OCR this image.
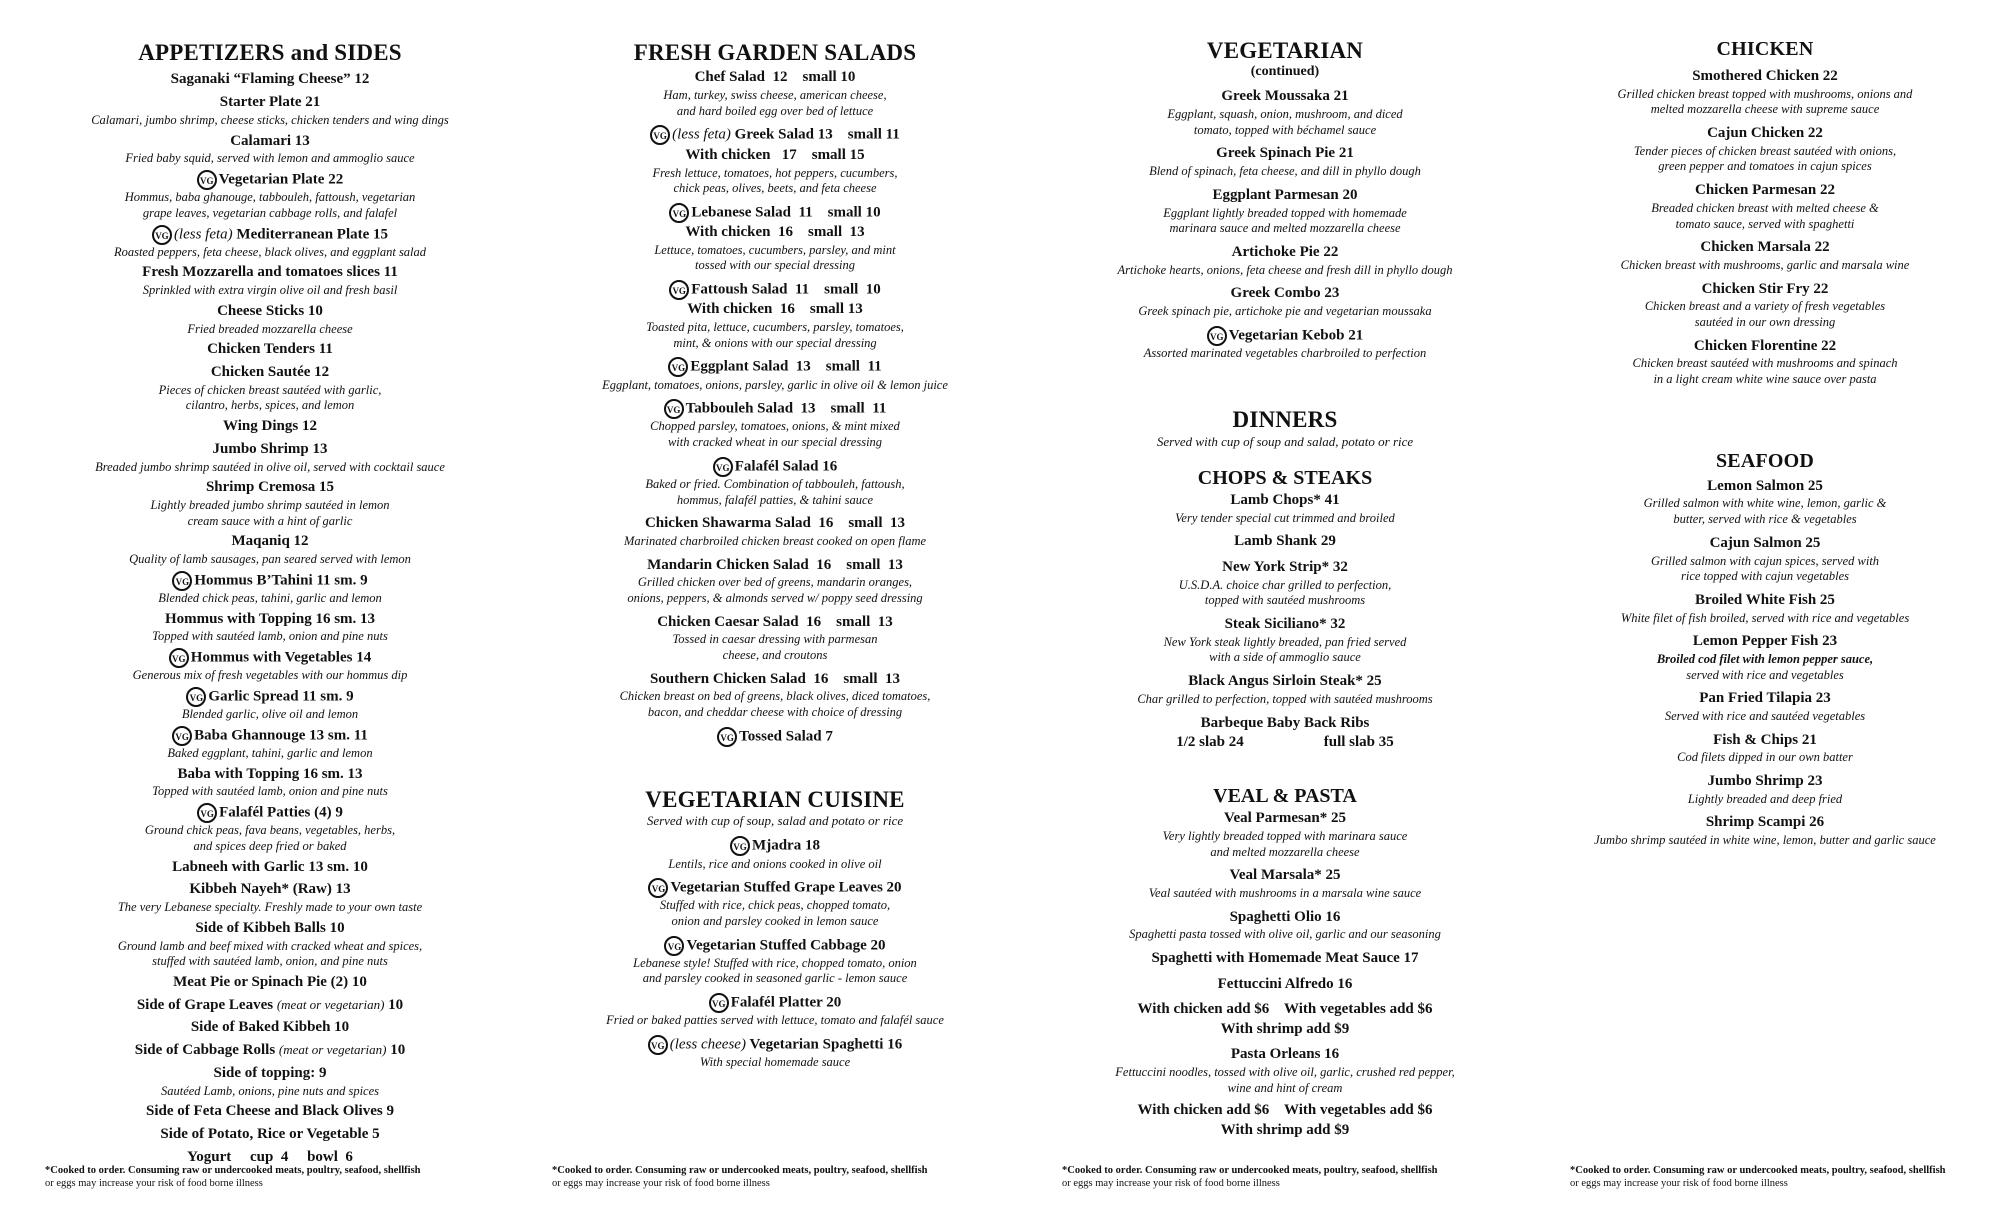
APPETIZERS and SIDES
Saganaki “Flaming Cheese” 12
Starter Plate 21
Calamari, jumbo shrimp, cheese sticks, chicken tenders and wing dings
Calamari 13
Fried baby squid, served with lemon and ammoglio sauce
VG Vegetarian Plate 22
Hommus, baba ghanouge, tabbouleh, fattoush, vegetarian
grape leaves, vegetarian cabbage rolls, and falafel
VG (less feta) Mediterranean Plate 15
Roasted peppers, feta cheese, black olives, and eggplant salad
Fresh Mozzarella and tomatoes slices 11
Sprinkled with extra virgin olive oil and fresh basil
Cheese Sticks 10
Fried breaded mozzarella cheese
Chicken Tenders 11
Chicken Sautée 12
Pieces of chicken breast sautéed with garlic,
cilantro, herbs, spices, and lemon
Wing Dings 12
Jumbo Shrimp 13
Breaded jumbo shrimp sautéed in olive oil, served with cocktail sauce
Shrimp Cremosa 15
Lightly breaded jumbo shrimp sautéed in lemon
cream sauce with a hint of garlic
Maqaniq 12
Quality of lamb sausages, pan seared served with lemon
VG Hommus B’Tahini 11 sm. 9
Blended chick peas, tahini, garlic and lemon
Hommus with Topping 16 sm. 13
Topped with sautéed lamb, onion and pine nuts
VG Hommus with Vegetables 14
Generous mix of fresh vegetables with our hommus dip
VG Garlic Spread 11 sm. 9
Blended garlic, olive oil and lemon
VG Baba Ghannouge 13 sm. 11
Baked eggplant, tahini, garlic and lemon
Baba with Topping 16 sm. 13
Topped with sautéed lamb, onion and pine nuts
VG Falafél Patties (4) 9
Ground chick peas, fava beans, vegetables, herbs,
and spices deep fried or baked
Labneeh with Garlic 13 sm. 10
Kibbeh Nayeh* (Raw) 13
The very Lebanese specialty. Freshly made to your own taste
Side of Kibbeh Balls 10
Ground lamb and beef mixed with cracked wheat and spices,
stuffed with sautéed lamb, onion, and pine nuts
Meat Pie or Spinach Pie (2) 10
Side of Grape Leaves (meat or vegetarian) 10
Side of Baked Kibbeh 10
Side of Cabbage Rolls (meat or vegetarian) 10
Side of topping: 9
Sautéed Lamb, onions, pine nuts and spices
Side of Feta Cheese and Black Olives 9
Side of Potato, Rice or Vegetable 5
Yogurt     cup  4     bowl  6
FRESH GARDEN SALADS
Chef Salad  12    small 10
Ham, turkey, swiss cheese, american cheese,
and hard boiled egg over bed of lettuce
VG (less feta) Greek Salad 13    small 11
With chicken   17    small 15
Fresh lettuce, tomatoes, hot peppers, cucumbers,
chick peas, olives, beets, and feta cheese
VG Lebanese Salad  11    small 10
With chicken  16    small  13
Lettuce, tomatoes, cucumbers, parsley, and mint
tossed with our special dressing
VG Fattoush Salad  11    small  10
With chicken  16    small 13
Toasted pita, lettuce, cucumbers, parsley, tomatoes,
mint, & onions with our special dressing
VG Eggplant Salad  13    small  11
Eggplant, tomatoes, onions, parsley, garlic in olive oil & lemon juice
VG Tabbouleh Salad  13    small  11
Chopped parsley, tomatoes, onions, & mint mixed
with cracked wheat in our special dressing
VG Falafél Salad 16
Baked or fried. Combination of tabbouleh, fattoush,
hommus, falafél patties, & tahini sauce
Chicken Shawarma Salad  16    small  13
Marinated charbroiled chicken breast cooked on open flame
Mandarin Chicken Salad  16    small  13
Grilled chicken over bed of greens, mandarin oranges,
onions, peppers, & almonds served w/ poppy seed dressing
Chicken Caesar Salad  16    small  13
Tossed in caesar dressing with parmesan
cheese, and croutons
Southern Chicken Salad  16    small  13
Chicken breast on bed of greens, black olives, diced tomatoes,
bacon, and cheddar cheese with choice of dressing
VG Tossed Salad 7
VEGETARIAN CUISINE
Served with cup of soup, salad and potato or rice
VG Mjadra 18
Lentils, rice and onions cooked in olive oil
VG Vegetarian Stuffed Grape Leaves 20
Stuffed with rice, chick peas, chopped tomato,
onion and parsley cooked in lemon sauce
VG Vegetarian Stuffed Cabbage 20
Lebanese style! Stuffed with rice, chopped tomato, onion
and parsley cooked in seasoned garlic - lemon sauce
VG Falafél Platter 20
Fried or baked patties served with lettuce, tomato and falafél sauce
VG (less cheese) Vegetarian Spaghetti 16
With special homemade sauce
VEGETARIAN
(continued)
Greek Moussaka 21
Eggplant, squash, onion, mushroom, and diced
tomato, topped with béchamel sauce
Greek Spinach Pie 21
Blend of spinach, feta cheese, and dill in phyllo dough
Eggplant Parmesan 20
Eggplant lightly breaded topped with homemade
marinara sauce and melted mozzarella cheese
Artichoke Pie 22
Artichoke hearts, onions, feta cheese and fresh dill in phyllo dough
Greek Combo 23
Greek spinach pie, artichoke pie and vegetarian moussaka
VG Vegetarian Kebob 21
Assorted marinated vegetables charbroiled to perfection
DINNERS
Served with cup of soup and salad, potato or rice
CHOPS & STEAKS
Lamb Chops* 41
Very tender special cut trimmed and broiled
Lamb Shank 29
New York Strip* 32
U.S.D.A. choice char grilled to perfection,
topped with sautéed mushrooms
Steak Siciliano* 32
New York steak lightly breaded, pan fried served
with a side of ammoglio sauce
Black Angus Sirloin Steak* 25
Char grilled to perfection, topped with sautéed mushrooms
Barbeque Baby Back Ribs
1/2 slab 24	full slab 35
VEAL & PASTA
Veal Parmesan* 25
Very lightly breaded topped with marinara sauce
and melted mozzarella cheese
Veal Marsala* 25
Veal sautéed with mushrooms in a marsala wine sauce
Spaghetti Olio 16
Spaghetti pasta tossed with olive oil, garlic and our seasoning
Spaghetti with Homemade Meat Sauce 17
Fettuccini Alfredo 16
With chicken add $6    With vegetables add $6
With shrimp add $9
Pasta Orleans 16
Fettuccini noodles, tossed with olive oil, garlic, crushed red pepper,
wine and hint of cream
With chicken add $6    With vegetables add $6
With shrimp add $9
CHICKEN
Smothered Chicken 22
Grilled chicken breast topped with mushrooms, onions and
melted mozzarella cheese with supreme sauce
Cajun Chicken 22
Tender pieces of chicken breast sautéed with onions,
green pepper and tomatoes in cajun spices
Chicken Parmesan 22
Breaded chicken breast with melted cheese &
tomato sauce, served with spaghetti
Chicken Marsala 22
Chicken breast with mushrooms, garlic and marsala wine
Chicken Stir Fry 22
Chicken breast and a variety of fresh vegetables
sautéed in our own dressing
Chicken Florentine 22
Chicken breast sautéed with mushrooms and spinach
in a light cream white wine sauce over pasta
SEAFOOD
Lemon Salmon 25
Grilled salmon with white wine, lemon, garlic &
butter, served with rice & vegetables
Cajun Salmon 25
Grilled salmon with cajun spices, served with
rice topped with cajun vegetables
Broiled White Fish 25
White filet of fish broiled, served with rice and vegetables
Lemon Pepper Fish 23
Broiled cod filet with lemon pepper sauce,
served with rice and vegetables
Pan Fried Tilapia 23
Served with rice and sautéed vegetables
Fish & Chips 21
Cod filets dipped in our own batter
Jumbo Shrimp 23
Lightly breaded and deep fried
Shrimp Scampi 26
Jumbo shrimp sautéed in white wine, lemon, butter and garlic sauce
*Cooked to order. Consuming raw or undercooked meats, poultry, seafood, shellfish
or eggs may increase your risk of food borne illness
*Cooked to order. Consuming raw or undercooked meats, poultry, seafood, shellfish
or eggs may increase your risk of food borne illness
*Cooked to order. Consuming raw or undercooked meats, poultry, seafood, shellfish
or eggs may increase your risk of food borne illness
*Cooked to order. Consuming raw or undercooked meats, poultry, seafood, shellfish
or eggs may increase your risk of food borne illness
